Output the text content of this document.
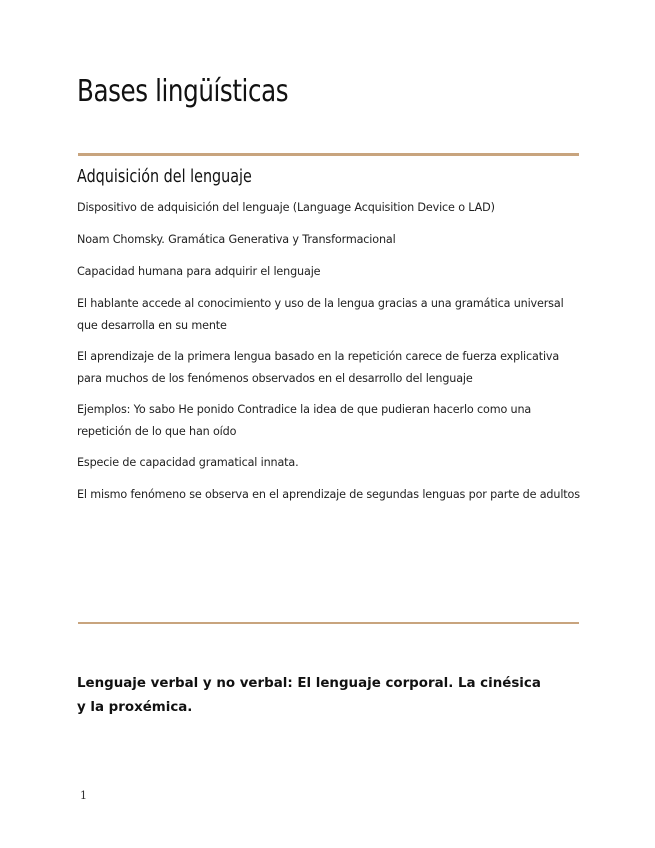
Bases lingüísticas
Adquisición del lenguaje

Dispositivo de adquisición del lenguaje (Language Acquisition Device o LAD)

Noam Chomsky. Gramática Generativa y Transformacional

Capacidad humana para adquirir el lenguaje

El hablante accede al conocimiento y uso de la lengua gracias a una gramática universal que desarrolla en su mente

El aprendizaje de la primera lengua basado en la repetición carece de fuerza explicativa para muchos de los fenómenos observados en el desarrollo del lenguaje

Ejemplos: Yo sabo He ponido Contradice la idea de que pudieran hacerlo como una repetición de lo que han oído

Especie de capacidad gramatical innata.

El mismo fenómeno se observa en el aprendizaje de segundas lenguas por parte de adultos

Lenguaje verbal y no verbal: El lenguaje corporal. La cinésica y la proxémica.

1
